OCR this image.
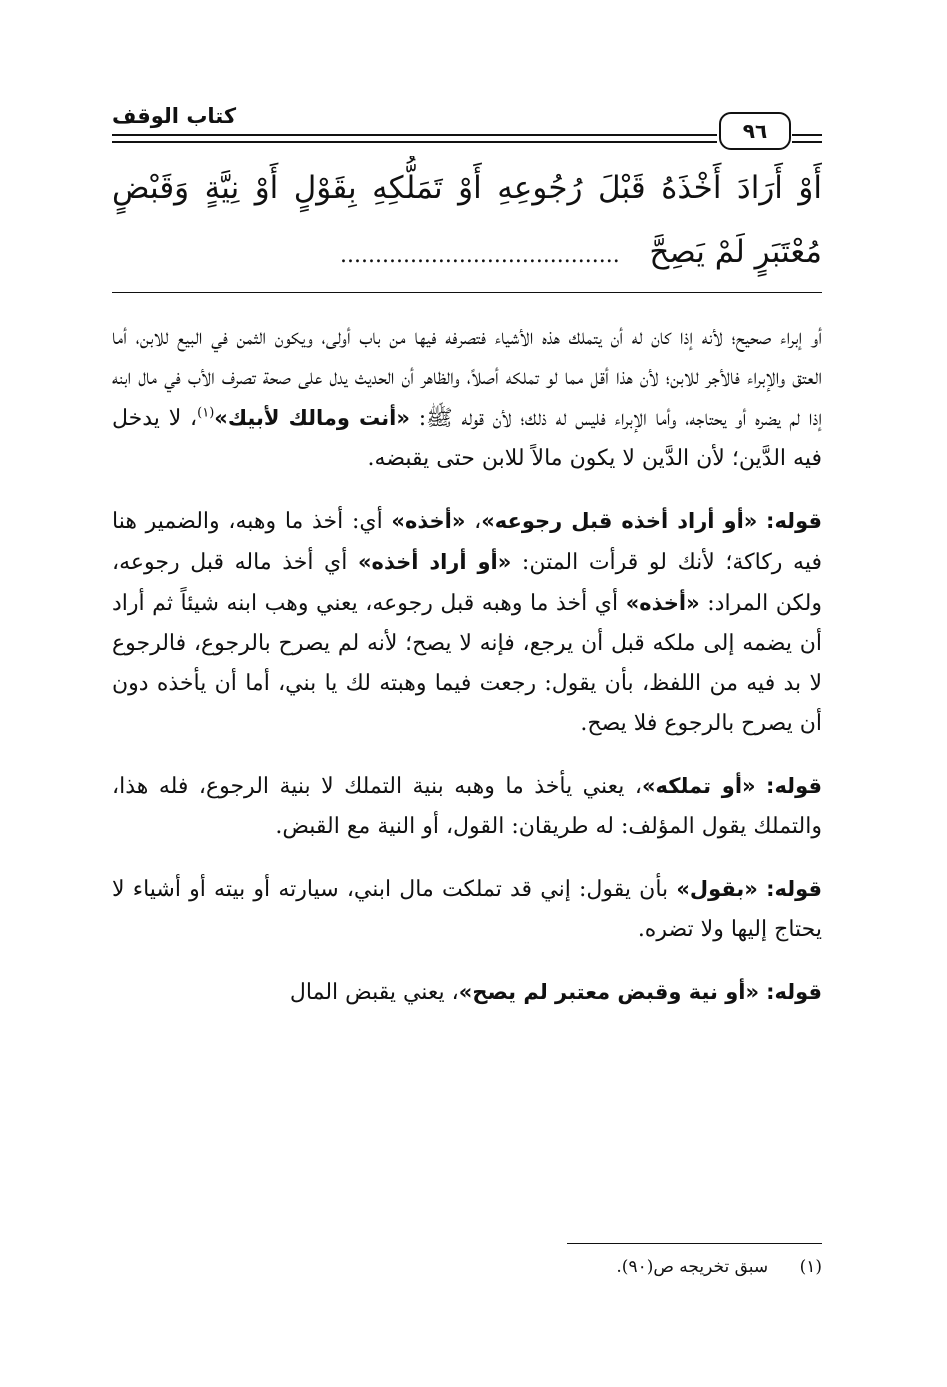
كتاب الوقف
٩٦
أَوْ أَرَادَ أَخْذَهُ قَبْلَ رُجُوعِهِ أَوْ تَمَلُّكِهِ بِقَوْلٍ أَوْ نِيَّةٍ وَقَبْضٍ
مُعْتَبَرٍ لَمْ يَصِحَّ   ........................................

أو إبراء صحيح؛ لأنه إذا كان له أن يتملك هذه الأشياء فتصرفه فيها من باب أولى، ويكون الثمن في البيع للابن، أما العتق والإبراء فالأجر للابن؛ لأن هذا أقل مما لو تملكه أصلاً، والظاهر أن الحديث يدل على صحة تصرف الأب في مال ابنه إذا لم يضره أو يحتاجه، وأما الإبراء فليس له ذلك؛ لأن قوله ﷺ: «أنت ومالك لأبيك»$^{(١)}$، لا يدخل فيه الدَّين؛ لأن الدَّين لا يكون مالاً للابن حتى يقبضه.

قوله: «أو أراد أخذه قبل رجوعه»، «أخذه» أي: أخذ ما وهبه، والضمير هنا فيه ركاكة؛ لأنك لو قرأت المتن: «أو أراد أخذه» أي أخذ ماله قبل رجوعه، ولكن المراد: «أخذه» أي أخذ ما وهبه قبل رجوعه، يعني وهب ابنه شيئاً ثم أراد أن يضمه إلى ملكه قبل أن يرجع، فإنه لا يصح؛ لأنه لم يصرح بالرجوع، فالرجوع لا بد فيه من اللفظ، بأن يقول: رجعت فيما وهبته لك يا بني، أما أن يأخذه دون أن يصرح بالرجوع فلا يصح.

قوله: «أو تملكه»، يعني يأخذ ما وهبه بنية التملك لا بنية الرجوع، فله هذا، والتملك يقول المؤلف: له طريقان: القول، أو النية مع القبض.

قوله: «بقول» بأن يقول: إني قد تملكت مال ابني، سيارته أو بيته أو أشياء لا يحتاج إليها ولا تضره.

قوله: «أو نية وقبض معتبر لم يصح»، يعني يقبض المال

(١) سبق تخريجه ص(٩٠).
